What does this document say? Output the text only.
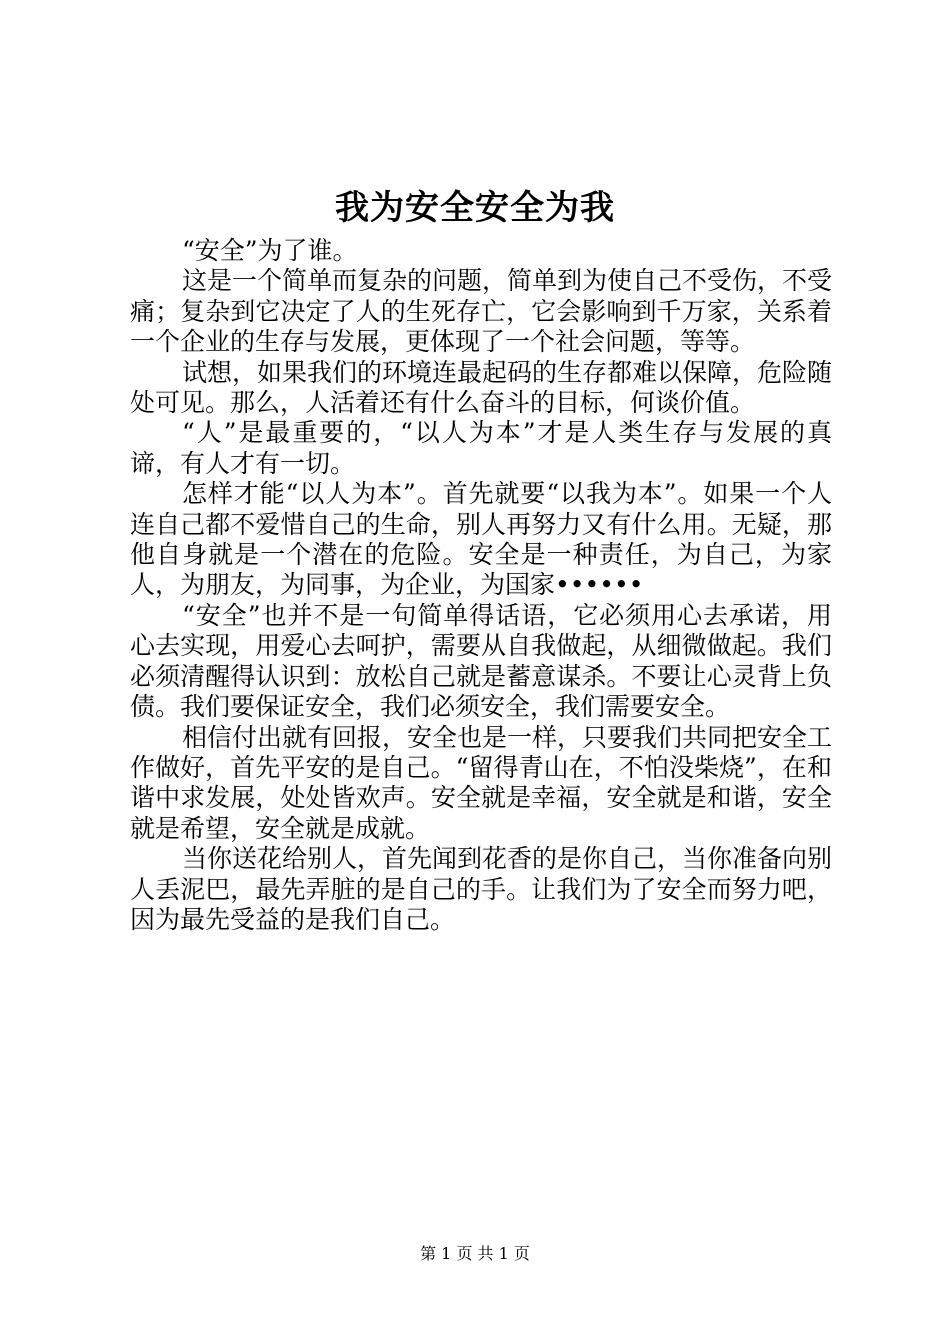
我为安全安全为我

“安全”为了谁。

这是一个简单而复杂的问题，简单到为使自己不受伤，不受痛；复杂到它决定了人的生死存亡，它会影响到千万家，关系着一个企业的生存与发展，更体现了一个社会问题，等等。

试想，如果我们的环境连最起码的生存都难以保障，危险随处可见。那么，人活着还有什么奋斗的目标，何谈价值。

“人”是最重要的，“以人为本”才是人类生存与发展的真谛，有人才有一切。

怎样才能“以人为本”。首先就要“以我为本”。如果一个人连自己都不爱惜自己的生命，别人再努力又有什么用。无疑，那他自身就是一个潜在的危险。安全是一种责任，为自己，为家人，为朋友，为同事，为企业，为国家••••••

“安全”也并不是一句简单得话语，它必须用心去承诺，用心去实现，用爱心去呵护，需要从自我做起，从细微做起。我们必须清醒得认识到：放松自己就是蓄意谋杀。不要让心灵背上负债。我们要保证安全，我们必须安全，我们需要安全。

相信付出就有回报，安全也是一样，只要我们共同把安全工作做好，首先平安的是自己。“留得青山在，不怕没柴烧”，在和谐中求发展，处处皆欢声。安全就是幸福，安全就是和谐，安全就是希望，安全就是成就。

当你送花给别人，首先闻到花香的是你自己，当你准备向别人丢泥巴，最先弄脏的是自己的手。让我们为了安全而努力吧，因为最先受益的是我们自己。

第 1 页 共 1 页
